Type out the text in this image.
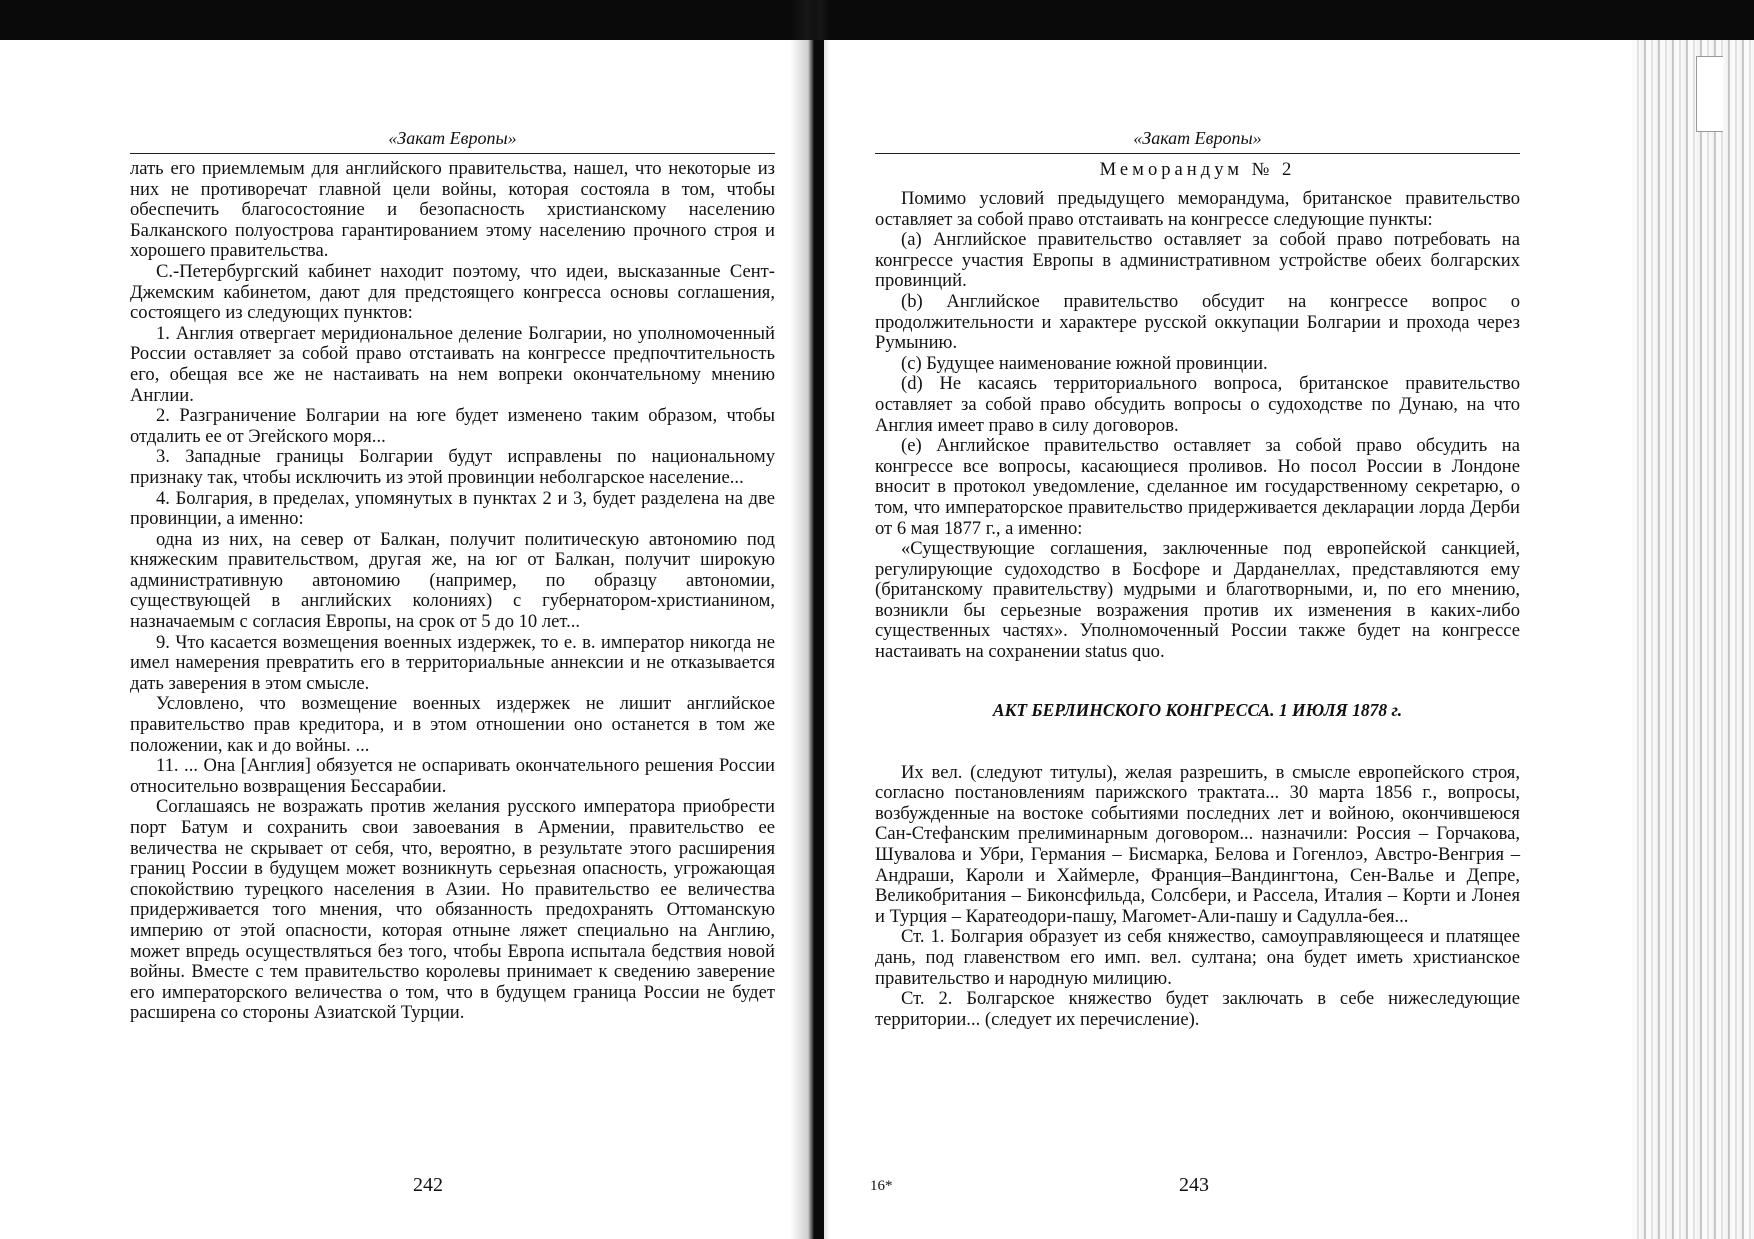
«Закат Европы»

лать его приемлемым для английского правительства, нашел, что некоторые из них не противоречат главной цели войны, которая состояла в том, чтобы обеспечить благосостояние и безопасность христианскому населению Балканского полуострова гарантированием этому населению прочного строя и хорошего правительства.

С.-Петербургский кабинет находит поэтому, что идеи, высказанные Сент-Джемским кабинетом, дают для предстоящего конгресса основы соглашения, состоящего из следующих пунктов:

1. Англия отвергает меридиональное деление Болгарии, но уполномоченный России оставляет за собой право отстаивать на конгрессе предпочтительность его, обещая все же не настаивать на нем вопреки окончательному мнению Англии.

2. Разграничение Болгарии на юге будет изменено таким образом, чтобы отдалить ее от Эгейского моря...

3. Западные границы Болгарии будут исправлены по национальному признаку так, чтобы исключить из этой провинции неболгарское население...

4. Болгария, в пределах, упомянутых в пунктах 2 и 3, будет разделена на две провинции, а именно:

одна из них, на север от Балкан, получит политическую автономию под княжеским правительством, другая же, на юг от Балкан, получит широкую административную автономию (например, по образцу автономии, существующей в английских колониях) с губернатором-христианином, назначаемым с согласия Европы, на срок от 5 до 10 лет...

9. Что касается возмещения военных издержек, то е. в. император никогда не имел намерения превратить его в территориальные аннексии и не отказывается дать заверения в этом смысле.

Условлено, что возмещение военных издержек не лишит английское правительство прав кредитора, и в этом отношении оно останется в том же положении, как и до войны. ...

11. ... Она [Англия] обязуется не оспаривать окончательного решения России относительно возвращения Бессарабии.

Соглашаясь не возражать против желания русского императора приобрести порт Батум и сохранить свои завоевания в Армении, правительство ее величества не скрывает от себя, что, вероятно, в результате этого расширения границ России в будущем может возникнуть серьезная опасность, угрожающая спокойствию турецкого населения в Азии. Но правительство ее величества придерживается того мнения, что обязанность предохранять Оттоманскую империю от этой опасности, которая отныне ляжет специально на Англию, может впредь осуществляться без того, чтобы Европа испытала бедствия новой войны. Вместе с тем правительство королевы принимает к сведению заверение его императорского величества о том, что в будущем граница России не будет расширена со стороны Азиатской Турции.

242
«Закат Европы»
Меморандум № 2

Помимо условий предыдущего меморандума, британское правительство оставляет за собой право отстаивать на конгрессе следующие пункты:

(a) Английское правительство оставляет за собой право потребовать на конгрессе участия Европы в административном устройстве обеих болгарских провинций.

(b) Английское правительство обсудит на конгрессе вопрос о продолжительности и характере русской оккупации Болгарии и прохода через Румынию.

(c) Будущее наименование южной провинции.

(d) Не касаясь территориального вопроса, британское правительство оставляет за собой право обсудить вопросы о судоходстве по Дунаю, на что Англия имеет право в силу договоров.

(e) Английское правительство оставляет за собой право обсудить на конгрессе все вопросы, касающиеся проливов. Но посол России в Лондоне вносит в протокол уведомление, сделанное им государственному секретарю, о том, что императорское правительство придерживается декларации лорда Дерби от 6 мая 1877 г., а именно:

«Существующие соглашения, заключенные под европейской санкцией, регулирующие судоходство в Босфоре и Дарданеллах, представляются ему (британскому правительству) мудрыми и благотворными, и, по его мнению, возникли бы серьезные возражения против их изменения в каких-либо существенных частях». Уполномоченный России также будет на конгрессе настаивать на сохранении status quo.

АКТ БЕРЛИНСКОГО КОНГРЕССА. 1 ИЮЛЯ 1878 г.

Их вел. (следуют титулы), желая разрешить, в смысле европейского строя, согласно постановлениям парижского трактата... 30 марта 1856 г., вопросы, возбужденные на востоке событиями последних лет и войною, окончившеюся Сан-Стефанским прелиминарным договором... назначили: Россия – Горчакова, Шувалова и Убри, Германия – Бисмарка, Белова и Гогенлоэ, Австро-Венгрия – Андраши, Кароли и Хаймерле, Франция–Вандингтона, Сен-Валье и Депре, Великобритания – Биконсфильда, Солсбери, и Рассела, Италия – Корти и Лонея и Турция – Каратеодори-пашу, Магомет-Али-пашу и Садулла-бея...

Ст. 1. Болгария образует из себя княжество, самоуправляющееся и платящее дань, под главенством его имп. вел. султана; она будет иметь христианское правительство и народную милицию.

Ст. 2. Болгарское княжество будет заключать в себе нижеследующие территории... (следует их перечисление).

16*	243
